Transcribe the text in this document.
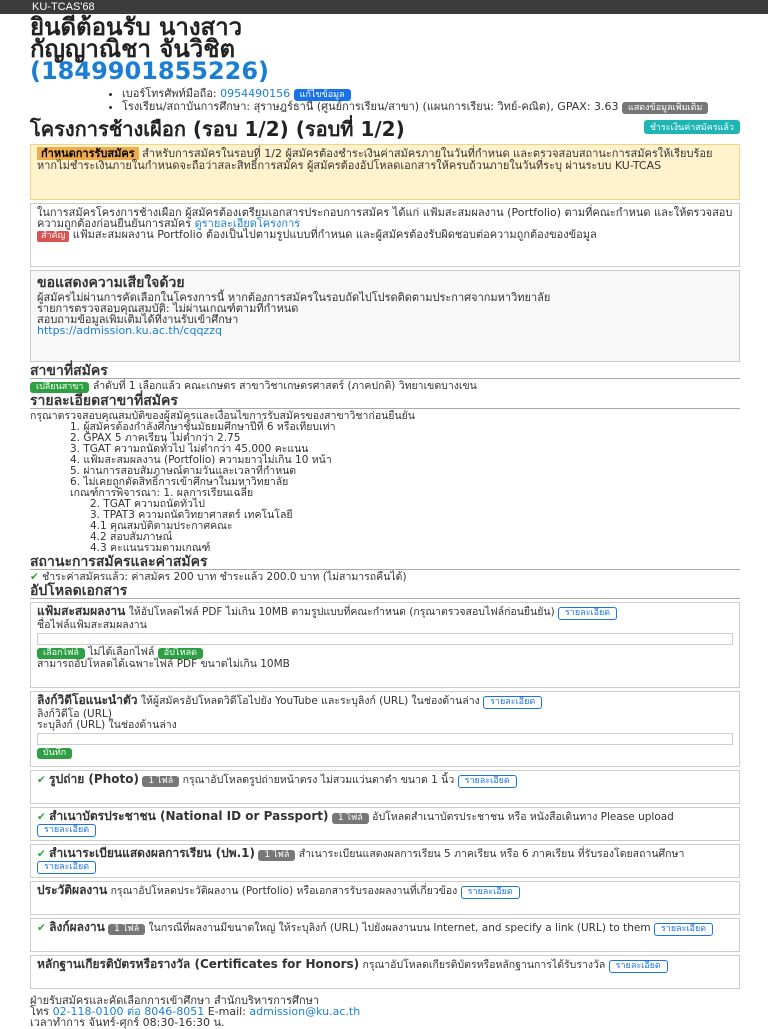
KU-TCAS'68
ยินดีต้อนรับ นางสาว
กัญญาณิชา จันวิชิต
(1849901855226)
• เบอร์โทรศัพท์มือถือ: 0954490156 แก้ไขข้อมูล
• โรงเรียน/สถาบันการศึกษา: สุราษฎร์ธานี (ศูนย์การเรียน/สาขา) (แผนการเรียน: วิทย์-คณิต), GPAX: 3.63 แสดงข้อมูลเพิ่มเติม
โครงการช้างเผือก (รอบ 1/2) (รอบที่ 1/2)	ชำระเงินค่าสมัครแล้ว
กำหนดการรับสมัคร สำหรับการสมัครในรอบที่ 1/2 ผู้สมัครต้องชำระเงินค่าสมัครภายในวันที่กำหนด และตรวจสอบสถานะการสมัครให้เรียบร้อย หากไม่ชำระเงินภายในกำหนดจะถือว่าสละสิทธิ์การสมัคร ผู้สมัครต้องอัปโหลดเอกสารให้ครบถ้วนภายในวันที่ระบุ ผ่านระบบ KU-TCAS
ในการสมัครโครงการช้างเผือก ผู้สมัครต้องเตรียมเอกสารประกอบการสมัคร ได้แก่ แฟ้มสะสมผลงาน (Portfolio) ตามที่คณะกำหนด และให้ตรวจสอบความถูกต้องก่อนยืนยันการสมัคร ดูรายละเอียดโครงการ
สำคัญ แฟ้มสะสมผลงาน Portfolio ต้องเป็นไปตามรูปแบบที่กำหนด และผู้สมัครต้องรับผิดชอบต่อความถูกต้องของข้อมูล
ขอแสดงความเสียใจด้วย
ผู้สมัครไม่ผ่านการคัดเลือกในโครงการนี้ หากต้องการสมัครในรอบถัดไปโปรดติดตามประกาศจากมหาวิทยาลัย
รายการตรวจสอบคุณสมบัติ: ไม่ผ่านเกณฑ์ตามที่กำหนด
สอบถามข้อมูลเพิ่มเติมได้ที่งานรับเข้าศึกษา
https://admission.ku.ac.th/cqqzzq
สาขาที่สมัคร
เปลี่ยนสาขา ลำดับที่ 1 เลือกแล้ว คณะเกษตร สาขาวิชาเกษตรศาสตร์ (ภาคปกติ) วิทยาเขตบางเขน
รายละเอียดสาขาที่สมัคร
กรุณาตรวจสอบคุณสมบัติของผู้สมัครและเงื่อนไขการรับสมัครของสาขาวิชาก่อนยืนยัน
1. ผู้สมัครต้องกำลังศึกษาชั้นมัธยมศึกษาปีที่ 6 หรือเทียบเท่า
2. GPAX 5 ภาคเรียน ไม่ต่ำกว่า 2.75
3. TGAT ความถนัดทั่วไป ไม่ต่ำกว่า 45.000 คะแนน
4. แฟ้มสะสมผลงาน (Portfolio) ความยาวไม่เกิน 10 หน้า
5. ผ่านการสอบสัมภาษณ์ตามวันและเวลาที่กำหนด
6. ไม่เคยถูกตัดสิทธิ์การเข้าศึกษาในมหาวิทยาลัย
เกณฑ์การพิจารณา: 1. ผลการเรียนเฉลี่ย
2. TGAT ความถนัดทั่วไป
3. TPAT3 ความถนัดวิทยาศาสตร์ เทคโนโลยี
4.1 คุณสมบัติตามประกาศคณะ
4.2 สอบสัมภาษณ์
4.3 คะแนนรวมตามเกณฑ์
สถานะการสมัครและค่าสมัคร
✔ ชำระค่าสมัครแล้ว: ค่าสมัคร 200 บาท ชำระแล้ว 200.0 บาท (ไม่สามารถคืนได้)
อัปโหลดเอกสาร
แฟ้มสะสมผลงาน ให้อัปโหลดไฟล์ PDF ไม่เกิน 10MB ตามรูปแบบที่คณะกำหนด (กรุณาตรวจสอบไฟล์ก่อนยืนยัน) รายละเอียด
ชื่อไฟล์แฟ้มสะสมผลงาน
เลือกไฟล์ ไม่ได้เลือกไฟล์ อัปโหลด
สามารถอัปโหลดได้เฉพาะไฟล์ PDF ขนาดไม่เกิน 10MB
ลิงก์วิดีโอแนะนำตัว ให้ผู้สมัครอัปโหลดวิดีโอไปยัง YouTube และระบุลิงก์ (URL) ในช่องด้านล่าง รายละเอียด
ลิงก์วิดีโอ (URL)
ระบุลิงก์ (URL) ในช่องด้านล่าง
บันทึก
✔ รูปถ่าย (Photo) 1 ไฟล์ กรุณาอัปโหลดรูปถ่ายหน้าตรง ไม่สวมแว่นตาดำ ขนาด 1 นิ้ว รายละเอียด
✔ สำเนาบัตรประชาชน (National ID or Passport) 1 ไฟล์ อัปโหลดสำเนาบัตรประชาชน หรือ หนังสือเดินทาง Please upload รายละเอียด
✔ สำเนาระเบียนแสดงผลการเรียน (ปพ.1) 1 ไฟล์ สำเนาระเบียนแสดงผลการเรียน 5 ภาคเรียน หรือ 6 ภาคเรียน ที่รับรองโดยสถานศึกษา รายละเอียด
ประวัติผลงาน กรุณาอัปโหลดประวัติผลงาน (Portfolio) หรือเอกสารรับรองผลงานที่เกี่ยวข้อง รายละเอียด
✔ ลิงก์ผลงาน 1 ไฟล์ ในกรณีที่ผลงานมีขนาดใหญ่ ให้ระบุลิงก์ (URL) ไปยังผลงานบน Internet, and specify a link (URL) to them รายละเอียด
หลักฐานเกียรติบัตรหรือรางวัล (Certificates for Honors) กรุณาอัปโหลดเกียรติบัตรหรือหลักฐานการได้รับรางวัล รายละเอียด
ฝ่ายรับสมัครและคัดเลือกการเข้าศึกษา สำนักบริหารการศึกษา
โทร 02-118-0100 ต่อ 8046-8051 E-mail: admission@ku.ac.th
เวลาทำการ จันทร์-ศุกร์ 08:30-16:30 น.
